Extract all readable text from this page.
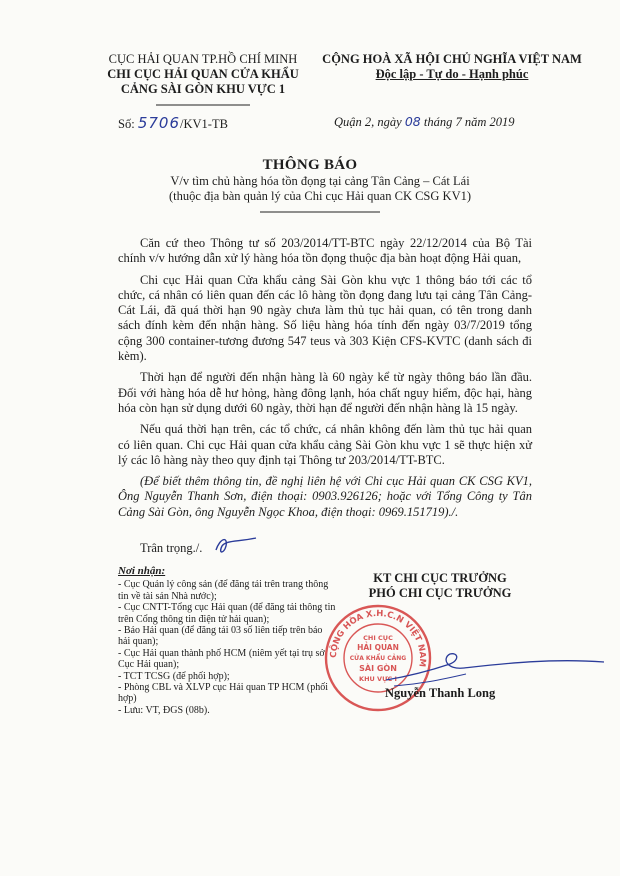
CỤC HẢI QUAN TP.HỒ CHÍ MINH
CHI CỤC HẢI QUAN CỬA KHẨU
CẢNG SÀI GÒN KHU VỰC 1
CỘNG HOÀ XÃ HỘI CHỦ NGHĨA VIỆT NAM
Độc lập - Tự do - Hạnh phúc
Số: 5706/KV1-TB	Quận 2, ngày 08 tháng 7 năm 2019
THÔNG BÁO
V/v tìm chủ hàng hóa tồn đọng tại cảng Tân Cảng – Cát Lái
(thuộc địa bàn quản lý của Chi cục Hải quan CK CSG KV1)

Căn cứ theo Thông tư số 203/2014/TT-BTC ngày 22/12/2014 của Bộ Tài chính v/v hướng dẫn xử lý hàng hóa tồn đọng thuộc địa bàn hoạt động Hải quan,

Chi cục Hải quan Cửa khẩu cảng Sài Gòn khu vực 1 thông báo tới các tổ chức, cá nhân có liên quan đến các lô hàng tồn đọng đang lưu tại cảng Tân Cảng- Cát Lái, đã quá thời hạn 90 ngày chưa làm thủ tục hải quan, có tên trong danh sách đính kèm đến nhận hàng. Số liệu hàng hóa tính đến ngày 03/7/2019 tổng cộng 300 container-tương đương 547 teus và 303 Kiện CFS-KVTC (danh sách đi kèm).

Thời hạn để người đến nhận hàng là 60 ngày kể từ ngày thông báo lần đầu. Đối với hàng hóa dễ hư hỏng, hàng đông lạnh, hóa chất nguy hiểm, độc hại, hàng hóa còn hạn sử dụng dưới 60 ngày, thời hạn để người đến nhận hàng là 15 ngày.

Nếu quá thời hạn trên, các tổ chức, cá nhân không đến làm thủ tục hải quan có liên quan. Chi cục Hải quan cửa khẩu cảng Sài Gòn khu vực 1 sẽ thực hiện xử lý các lô hàng này theo quy định tại Thông tư 203/2014/TT-BTC.

(Để biết thêm thông tin, đề nghị liên hệ với Chi cục Hải quan CK CSG KV1, Ông Nguyễn Thanh Sơn, điện thoại: 0903.926126; hoặc với Tổng Công ty Tân Cảng Sài Gòn, ông Nguyễn Ngọc Khoa, điện thoại: 0969.151719)./.

Trân trọng./.
Nơi nhận:
- Cục Quản lý công sản (để đăng tải trên trang thông tin về tài sản Nhà nước);
- Cục CNTT-Tổng cục Hải quan (để đăng tải thông tin trên Cổng thông tin điện tử hải quan);
- Báo Hải quan (để đăng tải 03 số liên tiếp trên báo hải quan);
- Cục Hải quan thành phố HCM (niêm yết tại trụ sở Cục Hải quan);
- TCT TCSG (để phối hợp);
- Phòng CBL và XLVP cục Hải quan TP HCM (phối hợp)
- Lưu: VT, ĐGS (08b).
KT CHI CỤC TRƯỞNG
PHÓ CHI CỤC TRƯỞNG
CỘNG HÒA X.H.C.N VIỆT NAM
CHI CỤC
HẢI QUAN
CỬA KHẨU CẢNG
SÀI GÒN
KHU VỰC I
Nguyễn Thanh Long
